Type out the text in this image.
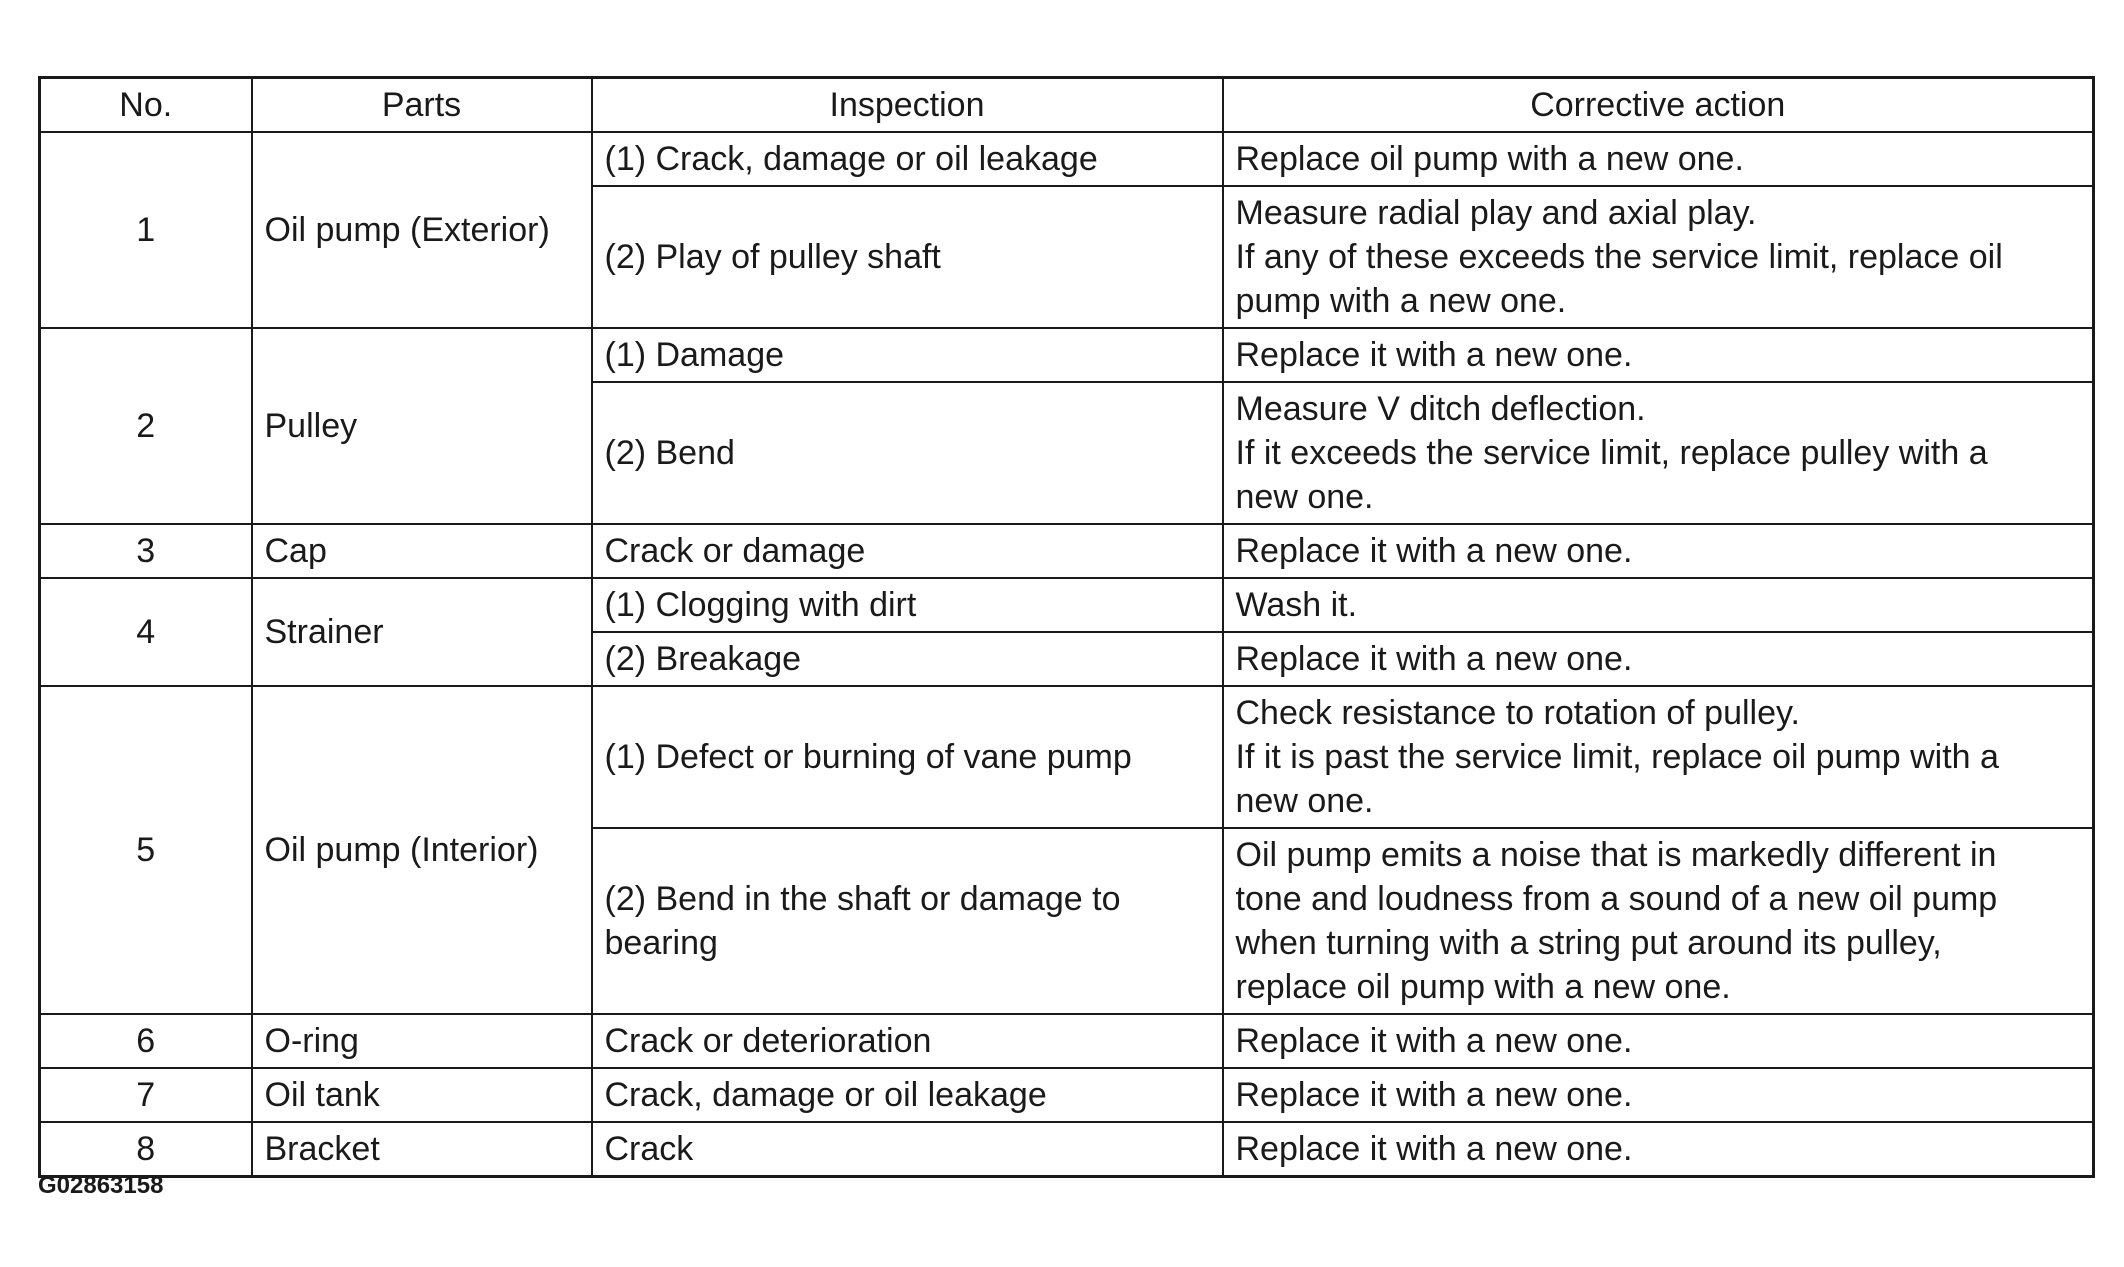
No.	Parts	Inspection	Corrective action
1	Oil pump (Exterior)	(1) Crack, damage or oil leakage	Replace oil pump with a new one.

		(2) Play of pulley shaft	Measure radial play and axial play.
If any of these exceeds the service limit, replace oil
pump with a new one.

2	Pulley	(1) Damage	Replace it with a new one.

		(2) Bend	Measure V ditch deflection.
If it exceeds the service limit, replace pulley with a
new one.

3	Cap	Crack or damage	Replace it with a new one.

4	Strainer	(1) Clogging with dirt	Wash it.

		(2) Breakage	Replace it with a new one.

5	Oil pump (Interior)	(1) Defect or burning of vane pump	Check resistance to rotation of pulley.
If it is past the service limit, replace oil pump with a
new one.

		(2) Bend in the shaft or damage to
bearing	Oil pump emits a noise that is markedly different in
tone and loudness from a sound of a new oil pump
when turning with a string put around its pulley,
replace oil pump with a new one.

6	O-ring	Crack or deterioration	Replace it with a new one.

7	Oil tank	Crack, damage or oil leakage	Replace it with a new one.

8	Bracket	Crack	Replace it with a new one.
G02863158
